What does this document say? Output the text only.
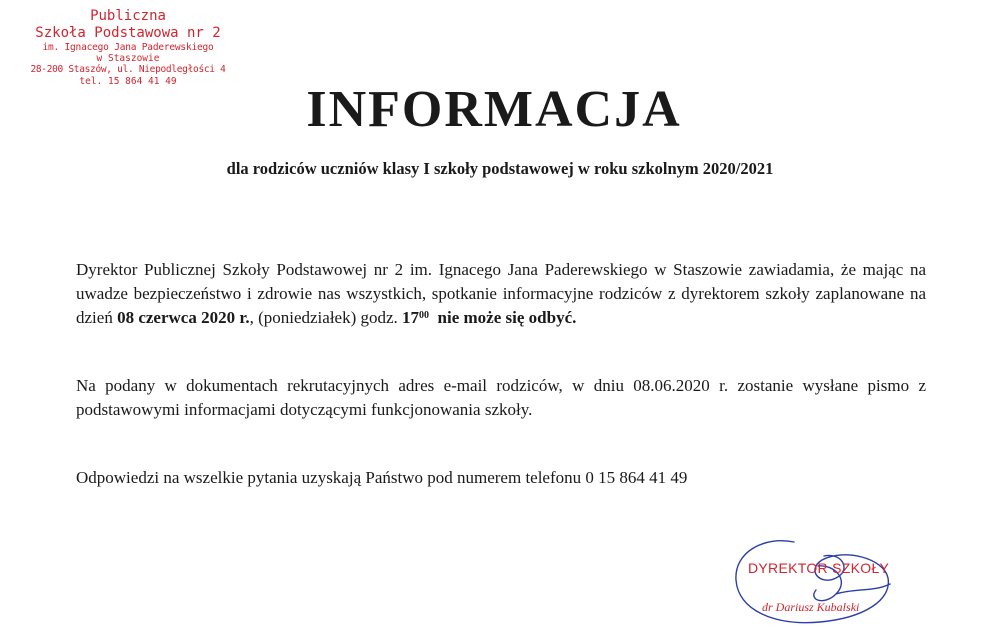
Publiczna
Szkoła Podstawowa nr 2
im. Ignacego Jana Paderewskiego
w Staszowie
28-200 Staszów, ul. Niepodległości 4
tel. 15 864 41 49	INFORMACJA
dla rodziców uczniów klasy I szkoły podstawowej w roku szkolnym 2020/2021
Dyrektor Publicznej Szkoły Podstawowej nr 2 im. Ignacego Jana Paderewskiego w Staszowie zawiadamia, że mając na uwadze bezpieczeństwo i zdrowie nas wszystkich, spotkanie informacyjne rodziców z dyrektorem szkoły zaplanowane na dzień 08 czerwca 2020 r., (poniedziałek) godz. $17^{00}$ nie może się odbyć.
Na podany w dokumentach rekrutacyjnych adres e-mail rodziców, w dniu 08.06.2020 r. zostanie wysłane pismo z podstawowymi informacjami dotyczącymi funkcjonowania szkoły.
Odpowiedzi na wszelkie pytania uzyskają Państwo pod numerem telefonu 0 15 864 41 49
DYREKTOR SZKOŁY
dr Dariusz Kubalski
